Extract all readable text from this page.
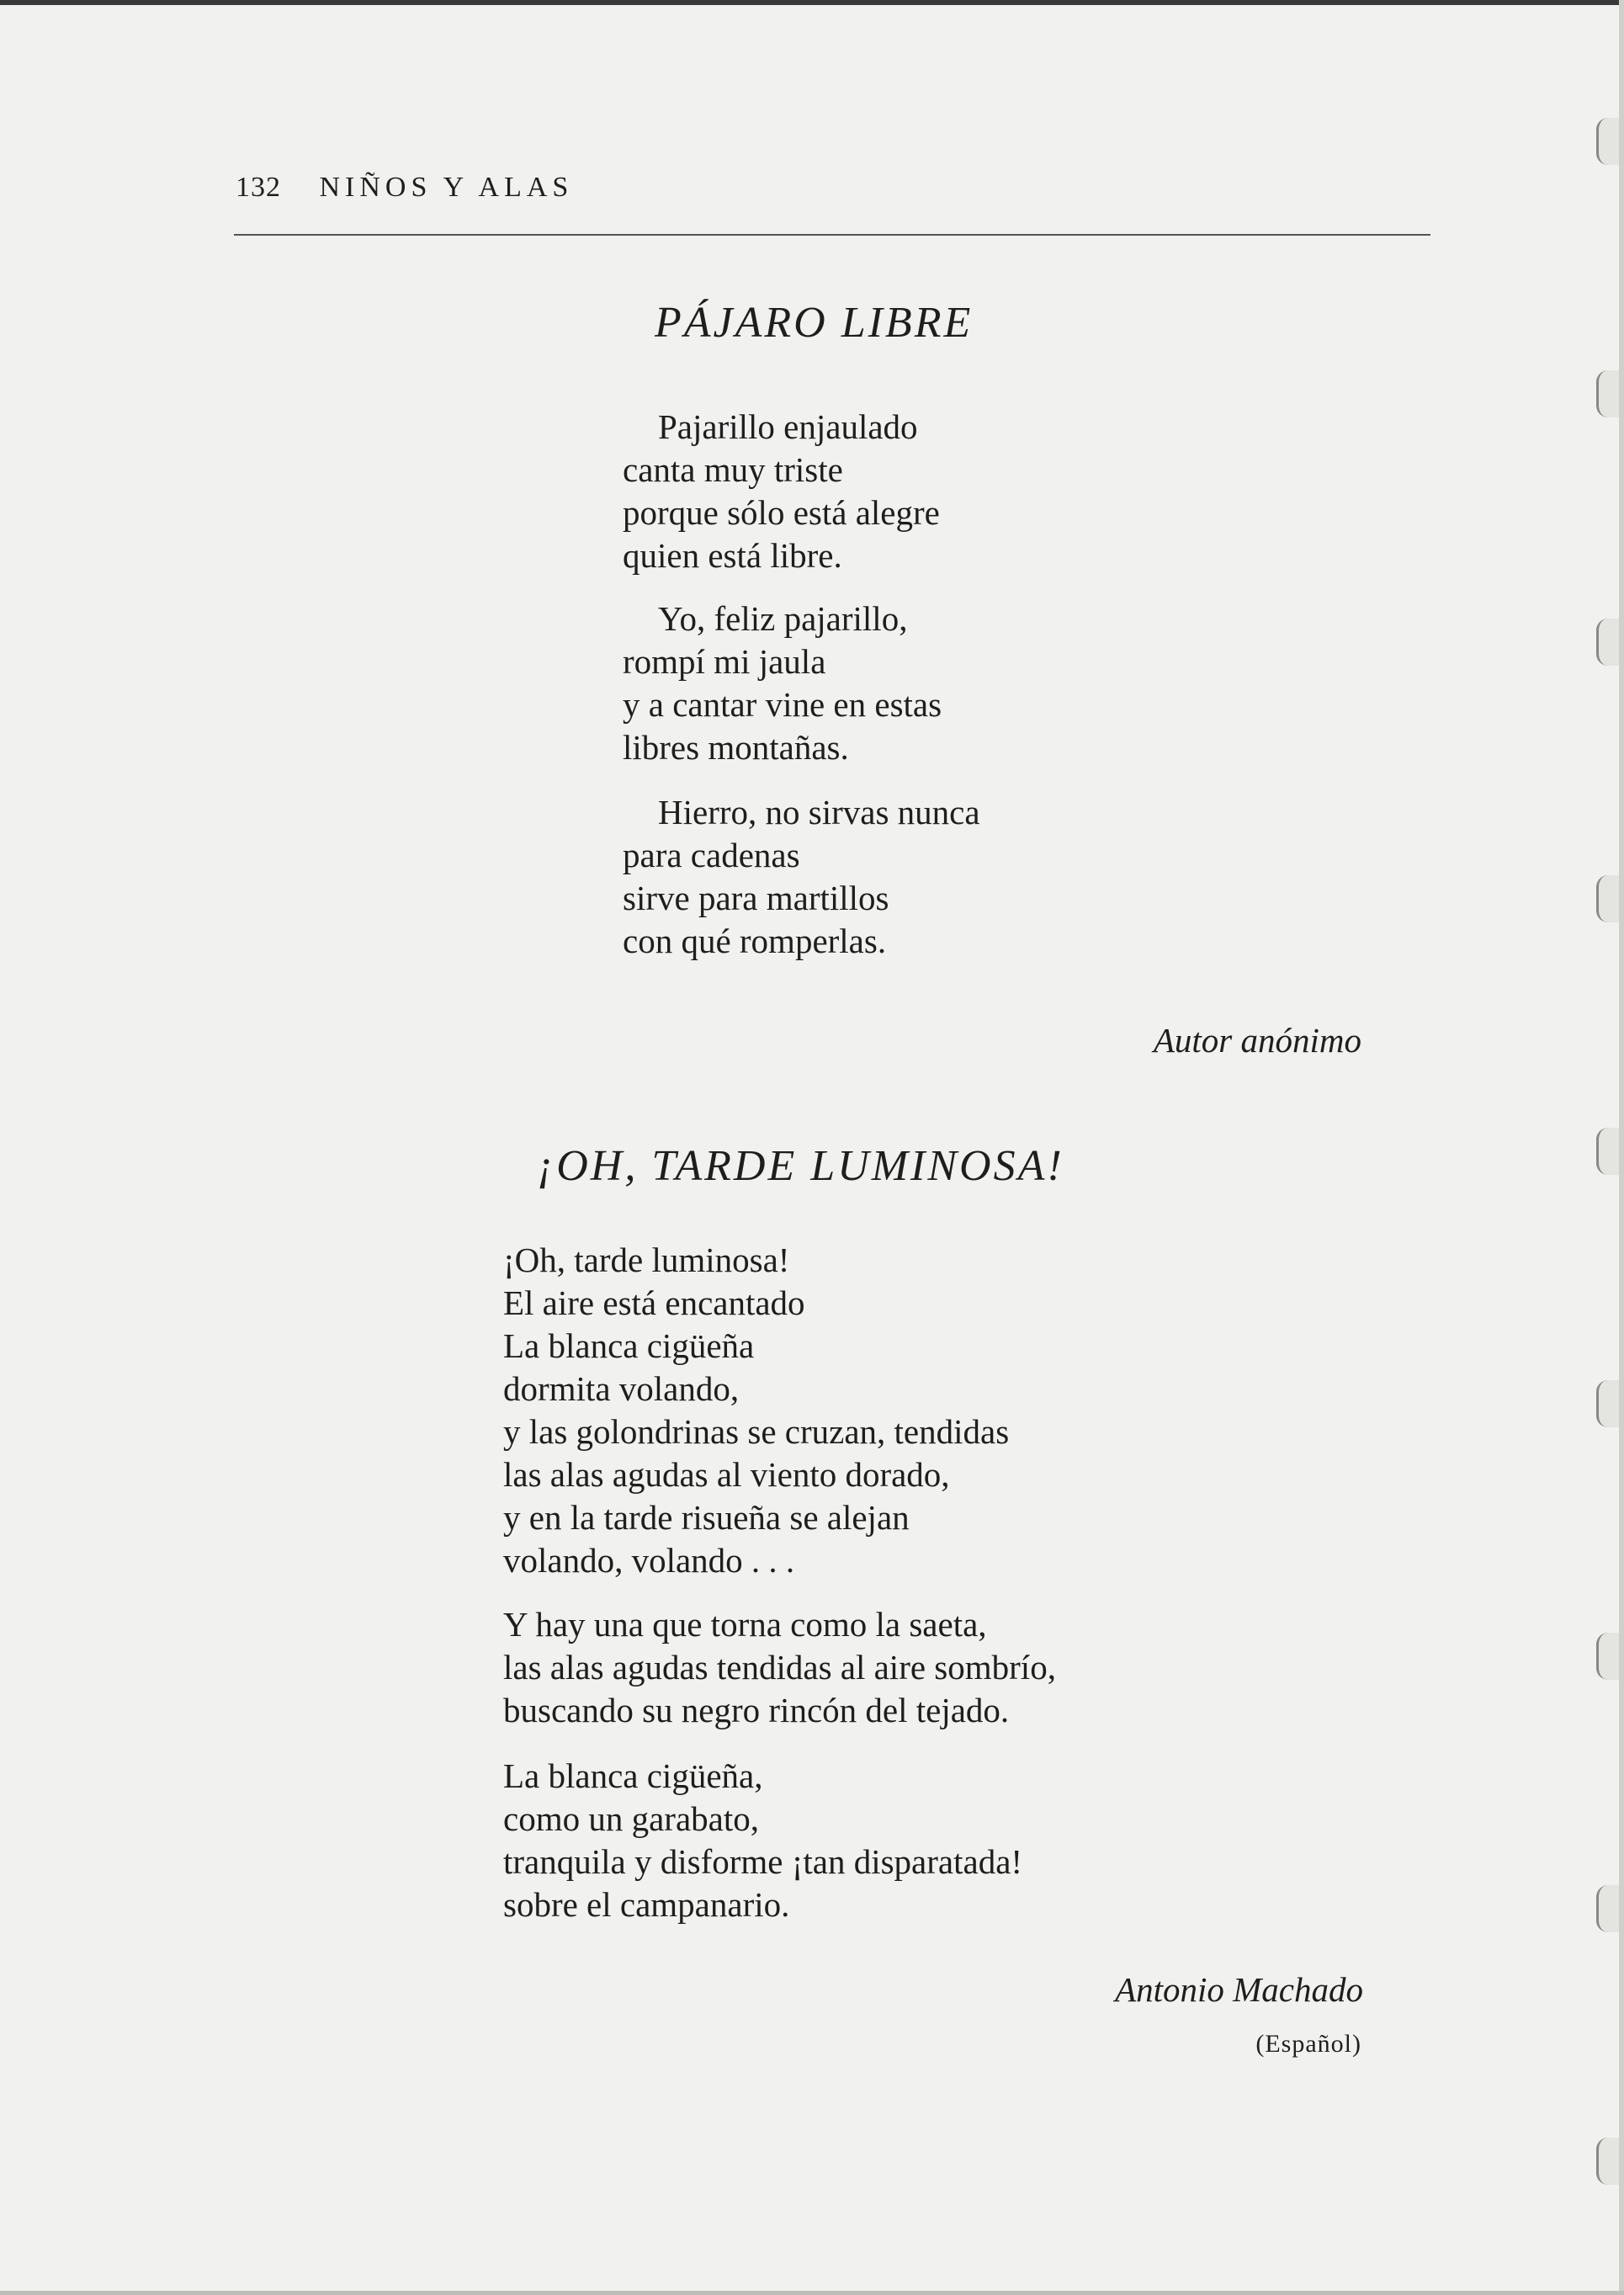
132 NIÑOS Y ALAS
PÁJARO LIBRE
Pajarillo enjaulado
canta muy triste
porque sólo está alegre
quien está libre.
Yo, feliz pajarillo,
rompí mi jaula
y a cantar vine en estas
libres montañas.
Hierro, no sirvas nunca
para cadenas
sirve para martillos
con qué romperlas.
Autor anónimo
¡OH, TARDE LUMINOSA!
¡Oh, tarde luminosa!
El aire está encantado
La blanca cigüeña
dormita volando,
y las golondrinas se cruzan, tendidas
las alas agudas al viento dorado,
y en la tarde risueña se alejan
volando, volando . . .
Y hay una que torna como la saeta,
las alas agudas tendidas al aire sombrío,
buscando su negro rincón del tejado.
La blanca cigüeña,
como un garabato,
tranquila y disforme ¡tan disparatada!
sobre el campanario.
Antonio Machado
(Español)
